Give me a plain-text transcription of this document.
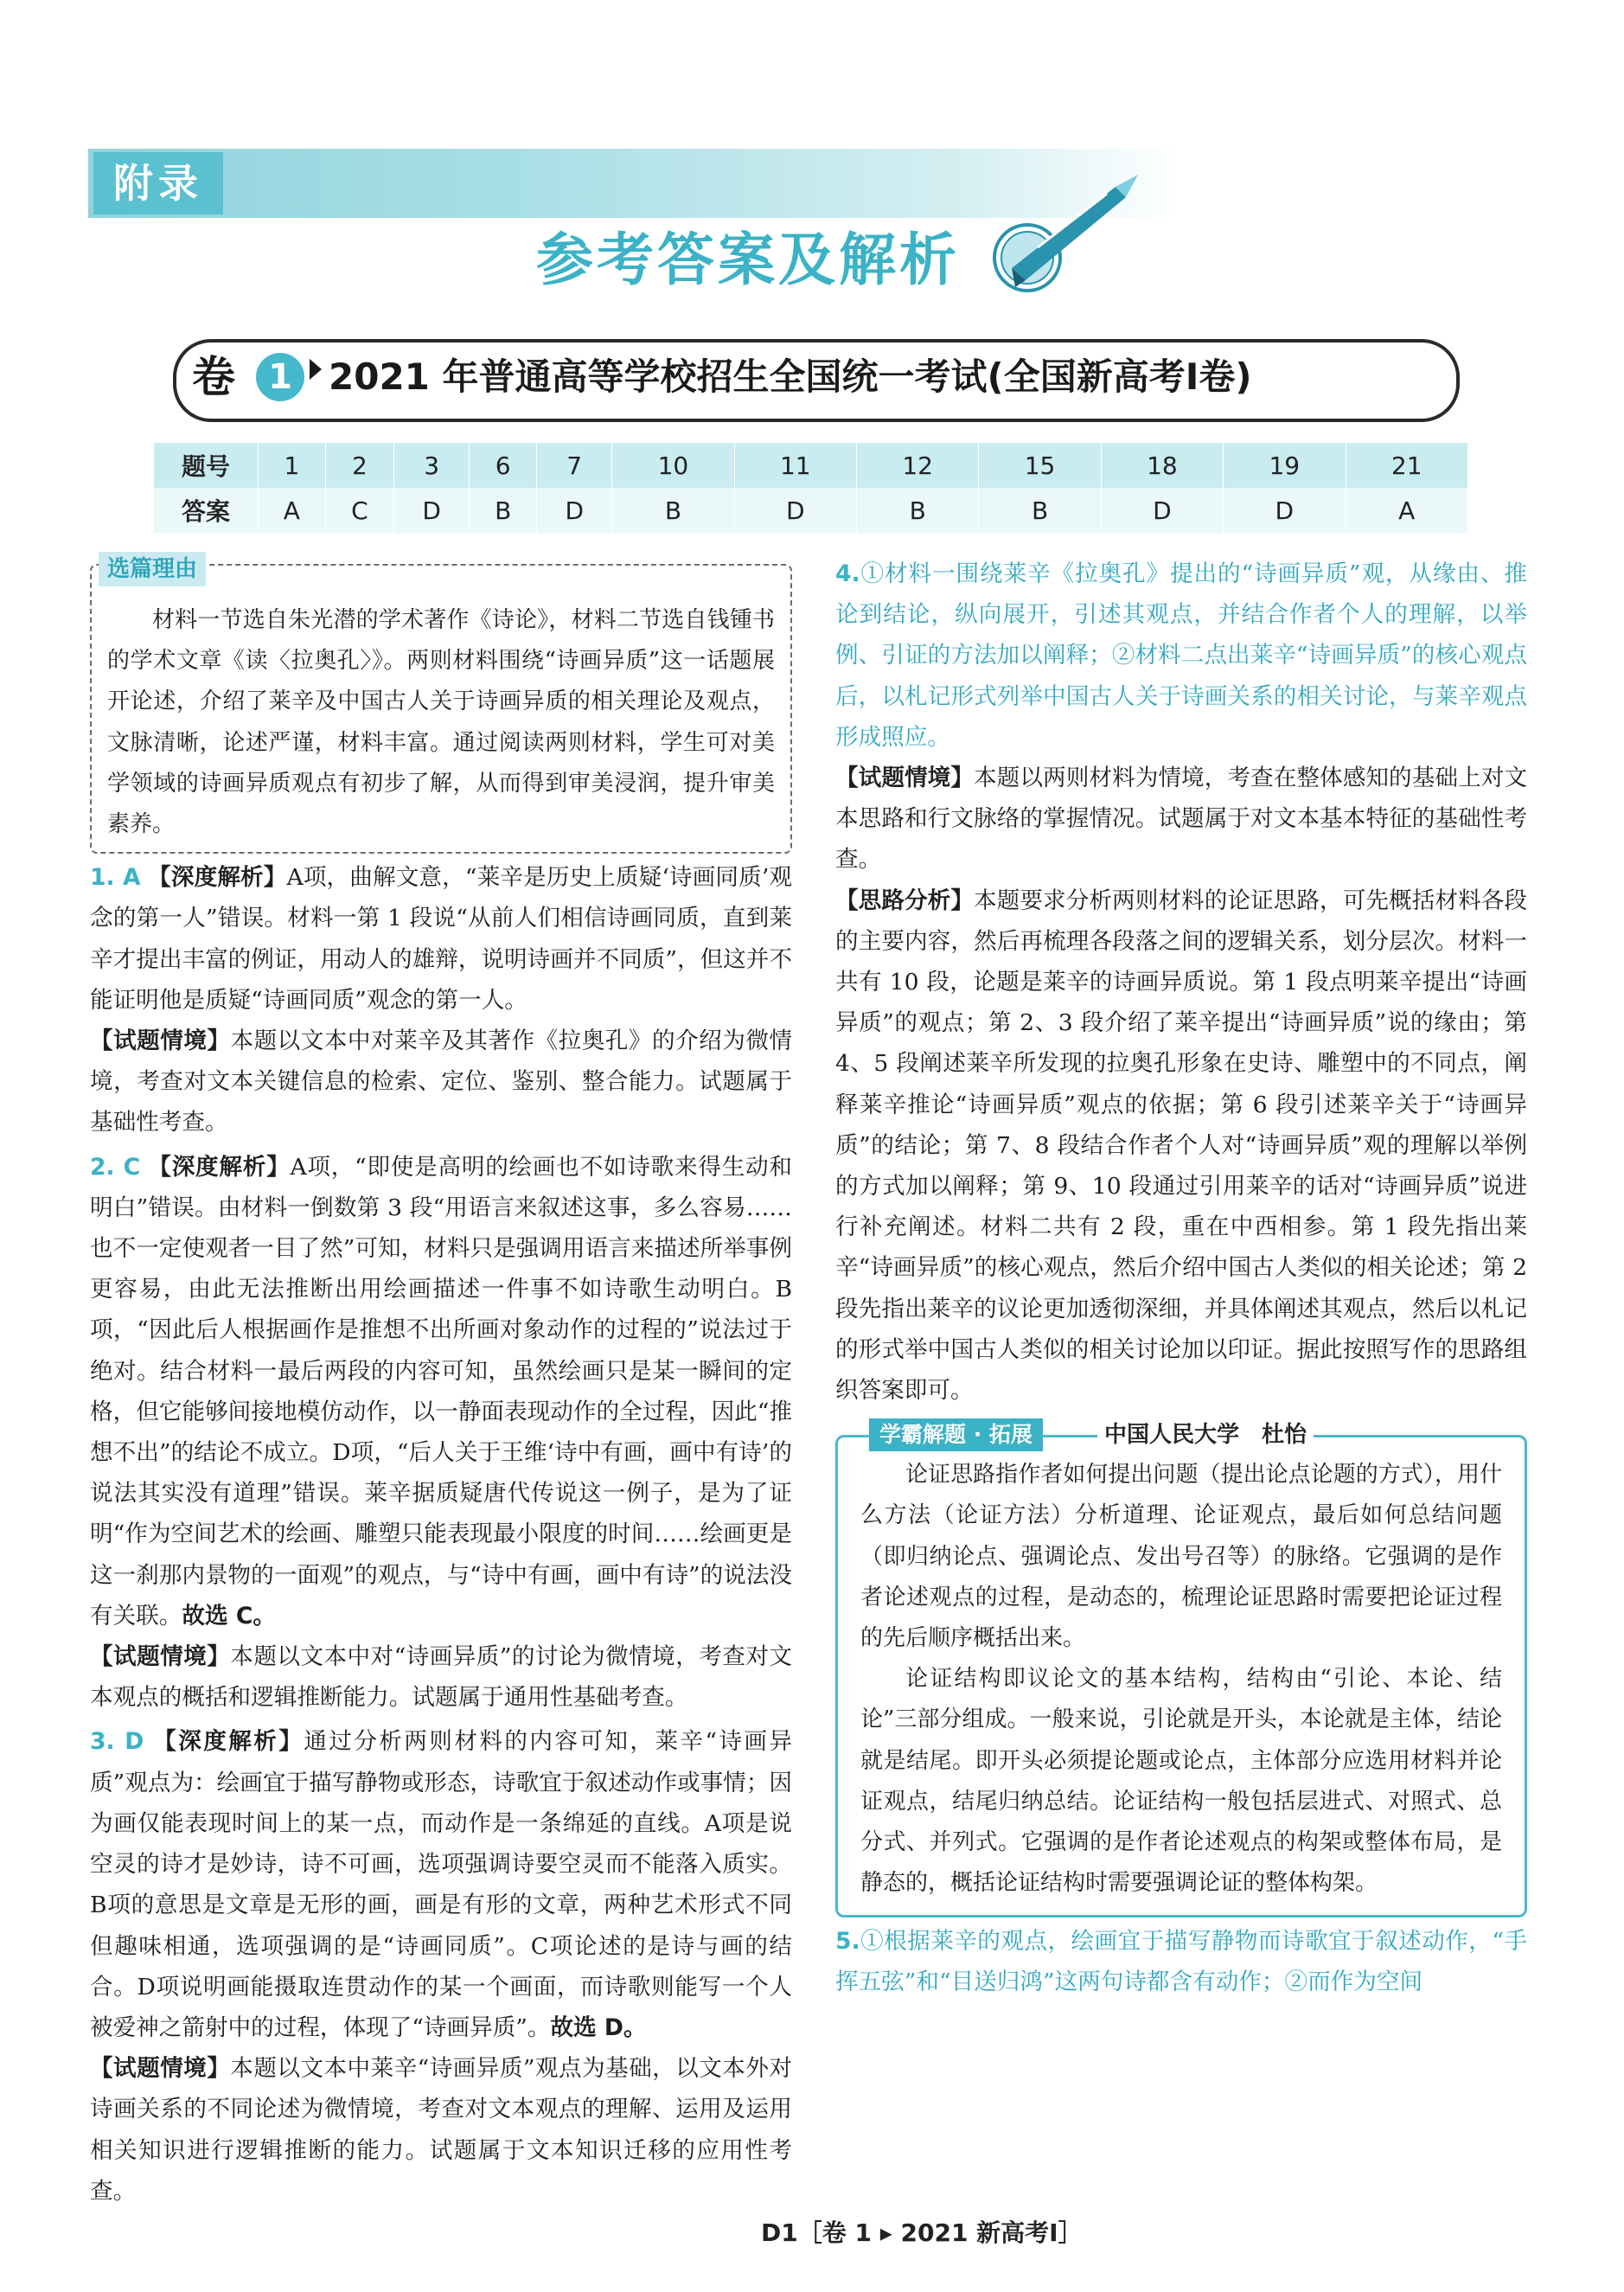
附录
参考答案及解析
卷 1	2021 年普通高等学校招生全国统一考试(全国新高考Ⅰ卷)
题号	1	2	3	6	7	10	11	12	15	18	19	21
答案	A	C	D	B	D	B	D	B	B	D	D	A
选篇理由

材料一节选自朱光潜的学术著作《诗论》，材料二节选自钱锺书的学术文章《读〈拉奥孔〉》。两则材料围绕“诗画异质”这一话题展开论述，介绍了莱辛及中国古人关于诗画异质的相关理论及观点，文脉清晰，论述严谨，材料丰富。通过阅读两则材料，学生可对美学领域的诗画异质观点有初步了解，从而得到审美浸润，提升审美素养。

1. A 【深度解析】A项，曲解文意，“莱辛是历史上质疑‘诗画同质’观念的第一人”错误。材料一第 1 段说“从前人们相信诗画同质，直到莱辛才提出丰富的例证，用动人的雄辩，说明诗画并不同质”，但这并不能证明他是质疑“诗画同质”观念的第一人。

【试题情境】本题以文本中对莱辛及其著作《拉奥孔》的介绍为微情境，考查对文本关键信息的检索、定位、鉴别、整合能力。试题属于基础性考查。

2. C 【深度解析】A项，“即使是高明的绘画也不如诗歌来得生动和明白”错误。由材料一倒数第 3 段“用语言来叙述这事，多么容易……也不一定使观者一目了然”可知，材料只是强调用语言来描述所举事例更容易，由此无法推断出用绘画描述一件事不如诗歌生动明白。B项，“因此后人根据画作是推想不出所画对象动作的过程的”说法过于绝对。结合材料一最后两段的内容可知，虽然绘画只是某一瞬间的定格，但它能够间接地模仿动作，以一静面表现动作的全过程，因此“推想不出”的结论不成立。D项，“后人关于王维‘诗中有画，画中有诗’的说法其实没有道理”错误。莱辛据质疑唐代传说这一例子，是为了证明“作为空间艺术的绘画、雕塑只能表现最小限度的时间……绘画更是这一刹那内景物的一面观”的观点，与“诗中有画，画中有诗”的说法没有关联。故选 C。

【试题情境】本题以文本中对“诗画异质”的讨论为微情境，考查对文本观点的概括和逻辑推断能力。试题属于通用性基础考查。

3. D 【深度解析】通过分析两则材料的内容可知，莱辛“诗画异质”观点为：绘画宜于描写静物或形态，诗歌宜于叙述动作或事情；因为画仅能表现时间上的某一点，而动作是一条绵延的直线。A项是说空灵的诗才是妙诗，诗不可画，选项强调诗要空灵而不能落入质实。B项的意思是文章是无形的画，画是有形的文章，两种艺术形式不同但趣味相通，选项强调的是“诗画同质”。C项论述的是诗与画的结合。D项说明画能摄取连贯动作的某一个画面，而诗歌则能写一个人被爱神之箭射中的过程，体现了“诗画异质”。故选 D。

【试题情境】本题以文本中莱辛“诗画异质”观点为基础，以文本外对诗画关系的不同论述为微情境，考查对文本观点的理解、运用及运用相关知识进行逻辑推断的能力。试题属于文本知识迁移的应用性考查。

4.①材料一围绕莱辛《拉奥孔》提出的“诗画异质”观，从缘由、推论到结论，纵向展开，引述其观点，并结合作者个人的理解，以举例、引证的方法加以阐释；②材料二点出莱辛“诗画异质”的核心观点后，以札记形式列举中国古人关于诗画关系的相关讨论，与莱辛观点形成照应。

【试题情境】本题以两则材料为情境，考查在整体感知的基础上对文本思路和行文脉络的掌握情况。试题属于对文本基本特征的基础性考查。

【思路分析】本题要求分析两则材料的论证思路，可先概括材料各段的主要内容，然后再梳理各段落之间的逻辑关系，划分层次。材料一共有 10 段，论题是莱辛的诗画异质说。第 1 段点明莱辛提出“诗画异质”的观点；第 2、3 段介绍了莱辛提出“诗画异质”说的缘由；第 4、5 段阐述莱辛所发现的拉奥孔形象在史诗、雕塑中的不同点，阐释莱辛推论“诗画异质”观点的依据；第 6 段引述莱辛关于“诗画异质”的结论；第 7、8 段结合作者个人对“诗画异质”观的理解以举例的方式加以阐释；第 9、10 段通过引用莱辛的话对“诗画异质”说进行补充阐述。材料二共有 2 段，重在中西相参。第 1 段先指出莱辛“诗画异质”的核心观点，然后介绍中国古人类似的相关论述；第 2 段先指出莱辛的议论更加透彻深细，并具体阐述其观点，然后以札记的形式举中国古人类似的相关讨论加以印证。据此按照写作的思路组织答案即可。

学霸解题 · 拓展	中国人民大学　杜怡

论证思路指作者如何提出问题（提出论点论题的方式），用什么方法（论证方法）分析道理、论证观点，最后如何总结问题（即归纳论点、强调论点、发出号召等）的脉络。它强调的是作者论述观点的过程，是动态的，梳理论证思路时需要把论证过程的先后顺序概括出来。

论证结构即议论文的基本结构，结构由“引论、本论、结论”三部分组成。一般来说，引论就是开头，本论就是主体，结论就是结尾。即开头必须提论题或论点，主体部分应选用材料并论证观点，结尾归纳总结。论证结构一般包括层进式、对照式、总分式、并列式。它强调的是作者论述观点的构架或整体布局，是静态的，概括论证结构时需要强调论证的整体构架。

5.①根据莱辛的观点，绘画宜于描写静物而诗歌宜于叙述动作，“手挥五弦”和“目送归鸿”这两句诗都含有动作；②而作为空间

D1［卷 1 ▸ 2021 新高考Ⅰ］
